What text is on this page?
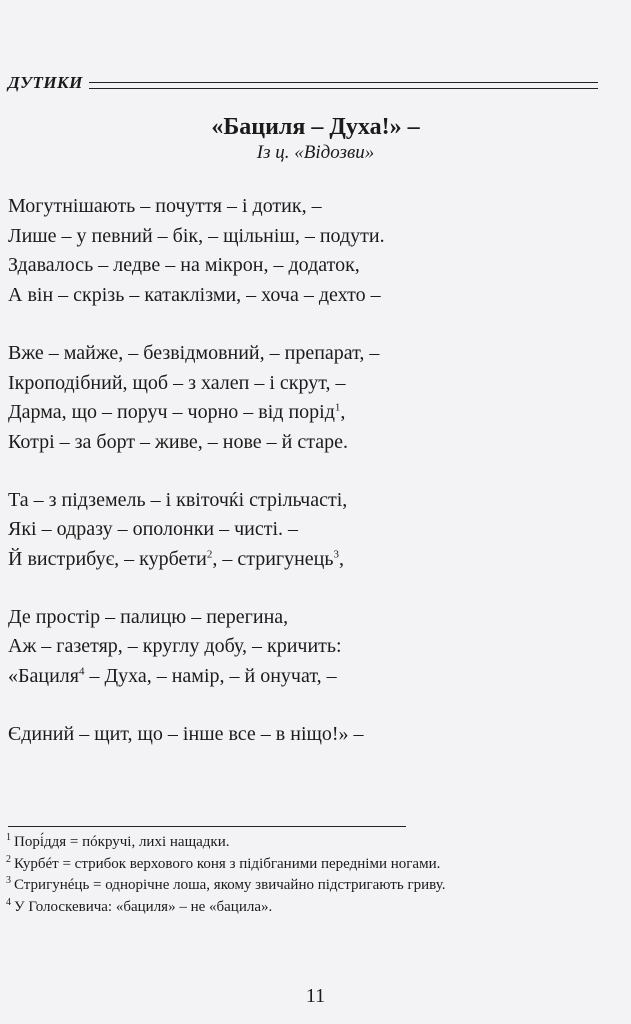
ДУТИКИ
«Бациля – Духа!» –
Із ц. «Відозви»
Могутнішають – почуття – і дотик, –
Лише – у певний – бік, – щільніш, – подути.
Здавалось – ледве – на мікрон, – додаток,
А він – скрізь – катаклізми, – хоча – дехто –
Вже – майже, – безвідмовний, – препарат, –
Ікроподібний, щоб – з халеп – і скрут, –
Дарма, що – поруч – чорно – від порід$^1$,
Котрі – за борт – живе, – нове – й старе.
Та – з підземель – і квіточќі стрільчасті,
Які – одразу – ополонки – чисті. –
Й вистрибує, – курбети$^2$, – стригунець$^3$,
Де простір – палицю – перегина,
Аж – газетяр, – круглу добу, – кричить:
«Бациля$^4$ – Духа, – намір, – й онучат, –
Єдиний – щит, що – інше все – в ніщо!» –
$^1$ Порі́ддя = пóкручі, лихі нащадки.
$^2$ Курбéт = стрибок верхового коня з підібганими передніми ногами.
$^3$ Стригунéць = однорічне лоша, якому звичайно підстригають гриву.
$^4$ У Голоскевича: «бациля» – не «бацила».
11
